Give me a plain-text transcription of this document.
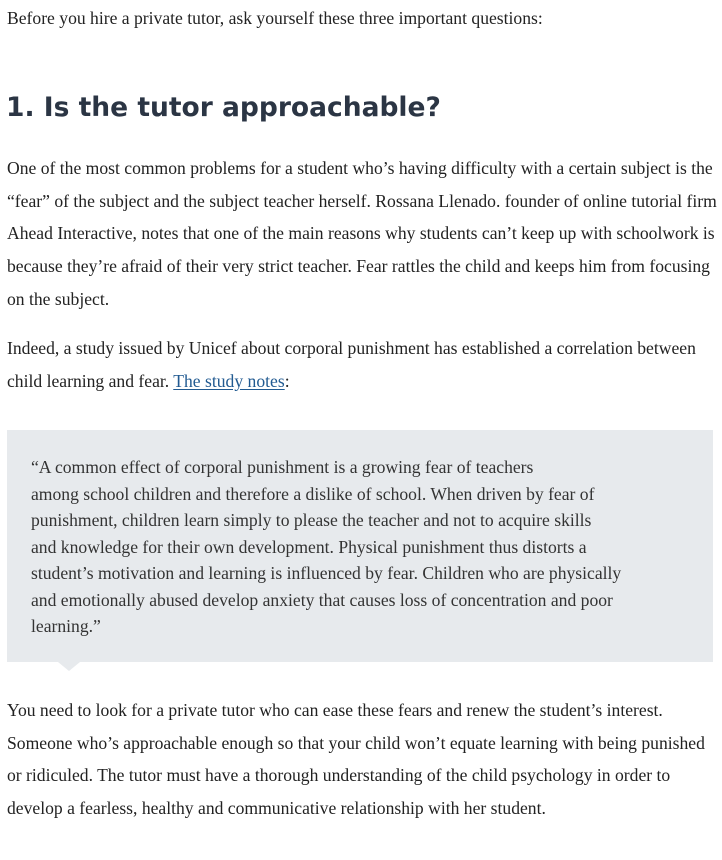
Before you hire a private tutor, ask yourself these three important questions:

1. Is the tutor approachable?

One of the most common problems for a student who’s having difficulty with a certain subject is the “fear” of the subject and the subject teacher herself. Rossana Llenado. founder of online tutorial firm Ahead Interactive, notes that one of the main reasons why students can’t keep up with schoolwork is because they’re afraid of their very strict teacher. Fear rattles the child and keeps him from focusing on the subject.

Indeed, a study issued by Unicef about corporal punishment has established a correlation between child learning and fear. The study notes:

“A common effect of corporal punishment is a growing fear of teachers
among school children and therefore a dislike of school. When driven by fear of
punishment, children learn simply to please the teacher and not to acquire skills
and knowledge for their own development. Physical punishment thus distorts a
student’s motivation and learning is influenced by fear. Children who are physically
and emotionally abused develop anxiety that causes loss of concentration and poor
learning.”

You need to look for a private tutor who can ease these fears and renew the student’s interest. Someone who’s approachable enough so that your child won’t equate learning with being punished or ridiculed. The tutor must have a thorough understanding of the child psychology in order to develop a fearless, healthy and communicative relationship with her student.
